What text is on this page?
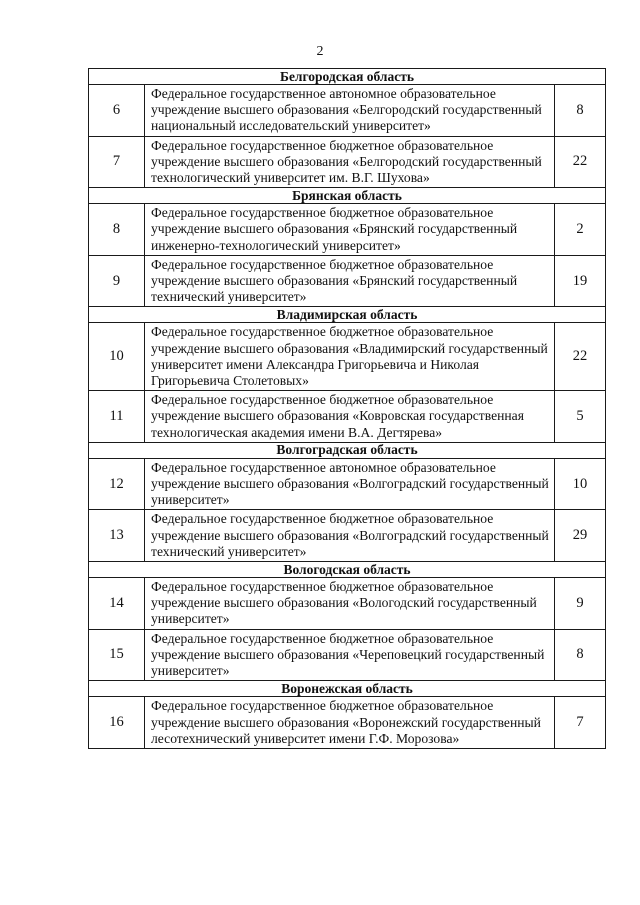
2
Белгородская область		
6	Федеральное государственное автономное образовательное учреждение высшего образования «Белгородский государственный национальный исследовательский университет»	8
7	Федеральное государственное бюджетное образовательное учреждение высшего образования «Белгородский государственный технологический университет им. В.Г. Шухова»	22
Брянская область		
8	Федеральное государственное бюджетное образовательное учреждение высшего образования «Брянский государственный инженерно-технологический университет»	2
9	Федеральное государственное бюджетное образовательное учреждение высшего образования «Брянский государственный технический университет»	19
Владимирская область		
10	Федеральное государственное бюджетное образовательное учреждение высшего образования «Владимирский государственный университет имени Александра Григорьевича и Николая Григорьевича Столетовых»	22
11	Федеральное государственное бюджетное образовательное учреждение высшего образования «Ковровская государственная технологическая академия имени В.А. Дегтярева»	5
Волгоградская область		
12	Федеральное государственное автономное образовательное учреждение высшего образования «Волгоградский государственный университет»	10
13	Федеральное государственное бюджетное образовательное учреждение высшего образования «Волгоградский государственный технический университет»	29
Вологодская область		
14	Федеральное государственное бюджетное образовательное учреждение высшего образования «Вологодский государственный университет»	9
15	Федеральное государственное бюджетное образовательное учреждение высшего образования «Череповецкий государственный университет»	8
Воронежская область		
16	Федеральное государственное бюджетное образовательное учреждение высшего образования «Воронежский государственный лесотехнический университет имени Г.Ф. Морозова»	7
